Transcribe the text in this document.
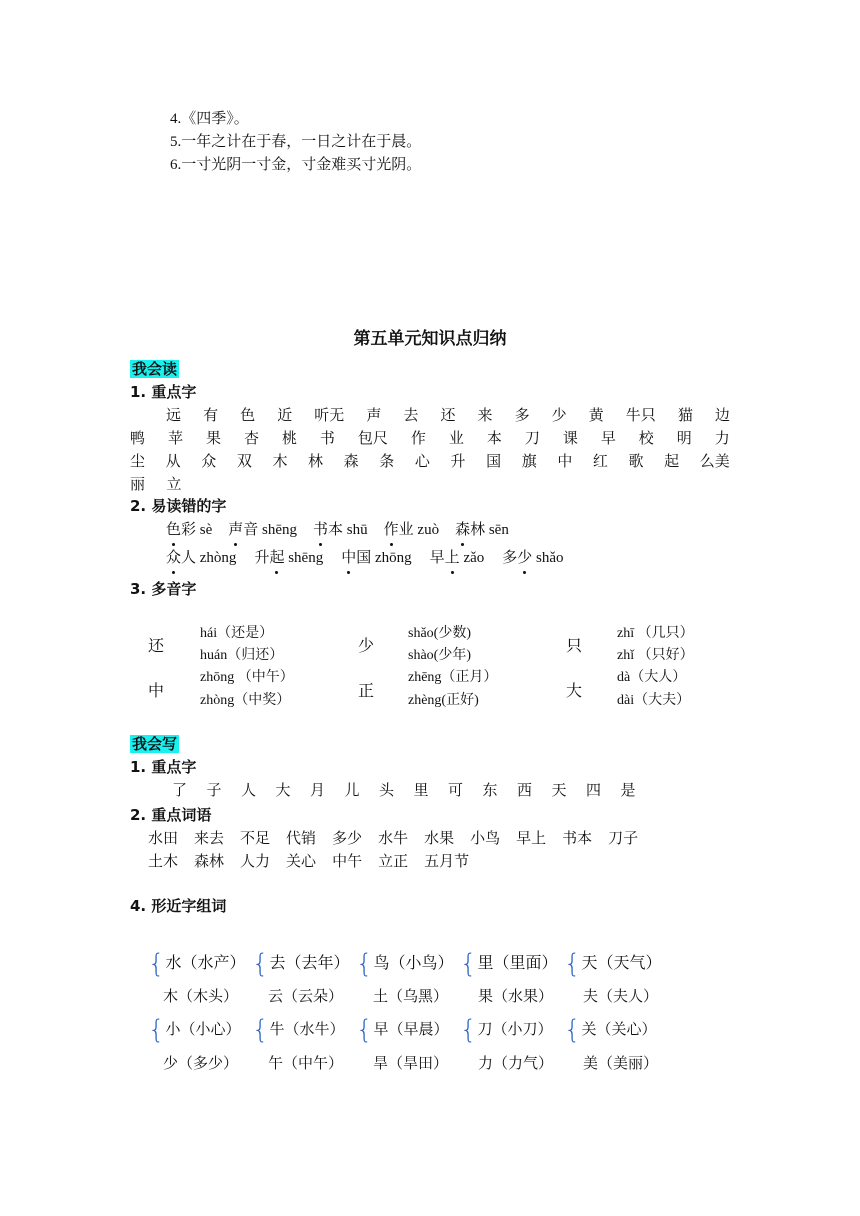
4.《四季》。
5.一年之计在于春，一日之计在于晨。
6.一寸光阴一寸金，寸金难买寸光阴。
第五单元知识点归纳
我会读
1. 重点字
远 有 色 近 听无 声 去 还 来 多 少 黄 牛只 猫 边
鸭 苹 果 杏 桃 书 包尺 作 业 本 刀 课 早 校 明 力
尘 从 众 双 木 林 森 条 心 升 国 旗 中 红 歌 起 么美
丽 立
2. 易读错的字
色彩 sè 声音 shēng 书本 shū 作业 zuò 森林 sēn
众人 zhòng 升起 shēng 中国 zhōng 早上 zǎo 多少 shǎo
3. 多音字
还
hái（还是）
huán（归还）
少
shǎo(少数)
shào(少年)
只
zhī （几只）
zhǐ （只好）
中
zhōng （中午）
zhòng（中奖）
正
zhēng（正月）
zhèng(正好)
大
dà（大人）
dài（大夫）
我会写
1. 重点字
了 子 人 大 月 儿 头 里 可 东 西 天 四 是
2. 重点词语
水田 来去 不足 代销 多少 水牛 水果 小鸟 早上 书本 刀子
土木 森林 人力 关心 中午 立正 五月节
4. 形近字组词
{水（水产） {去（去年） {鸟（小鸟） {里（里面） {天（天气）
木（木头） 云（云朵） 土（乌黑） 果（水果） 夫（夫人）
{小（小心） {牛（水牛） {早（早晨） {刀（小刀） {关（关心）
少（多少） 午（中午） 旱（旱田） 力（力气） 美（美丽）
